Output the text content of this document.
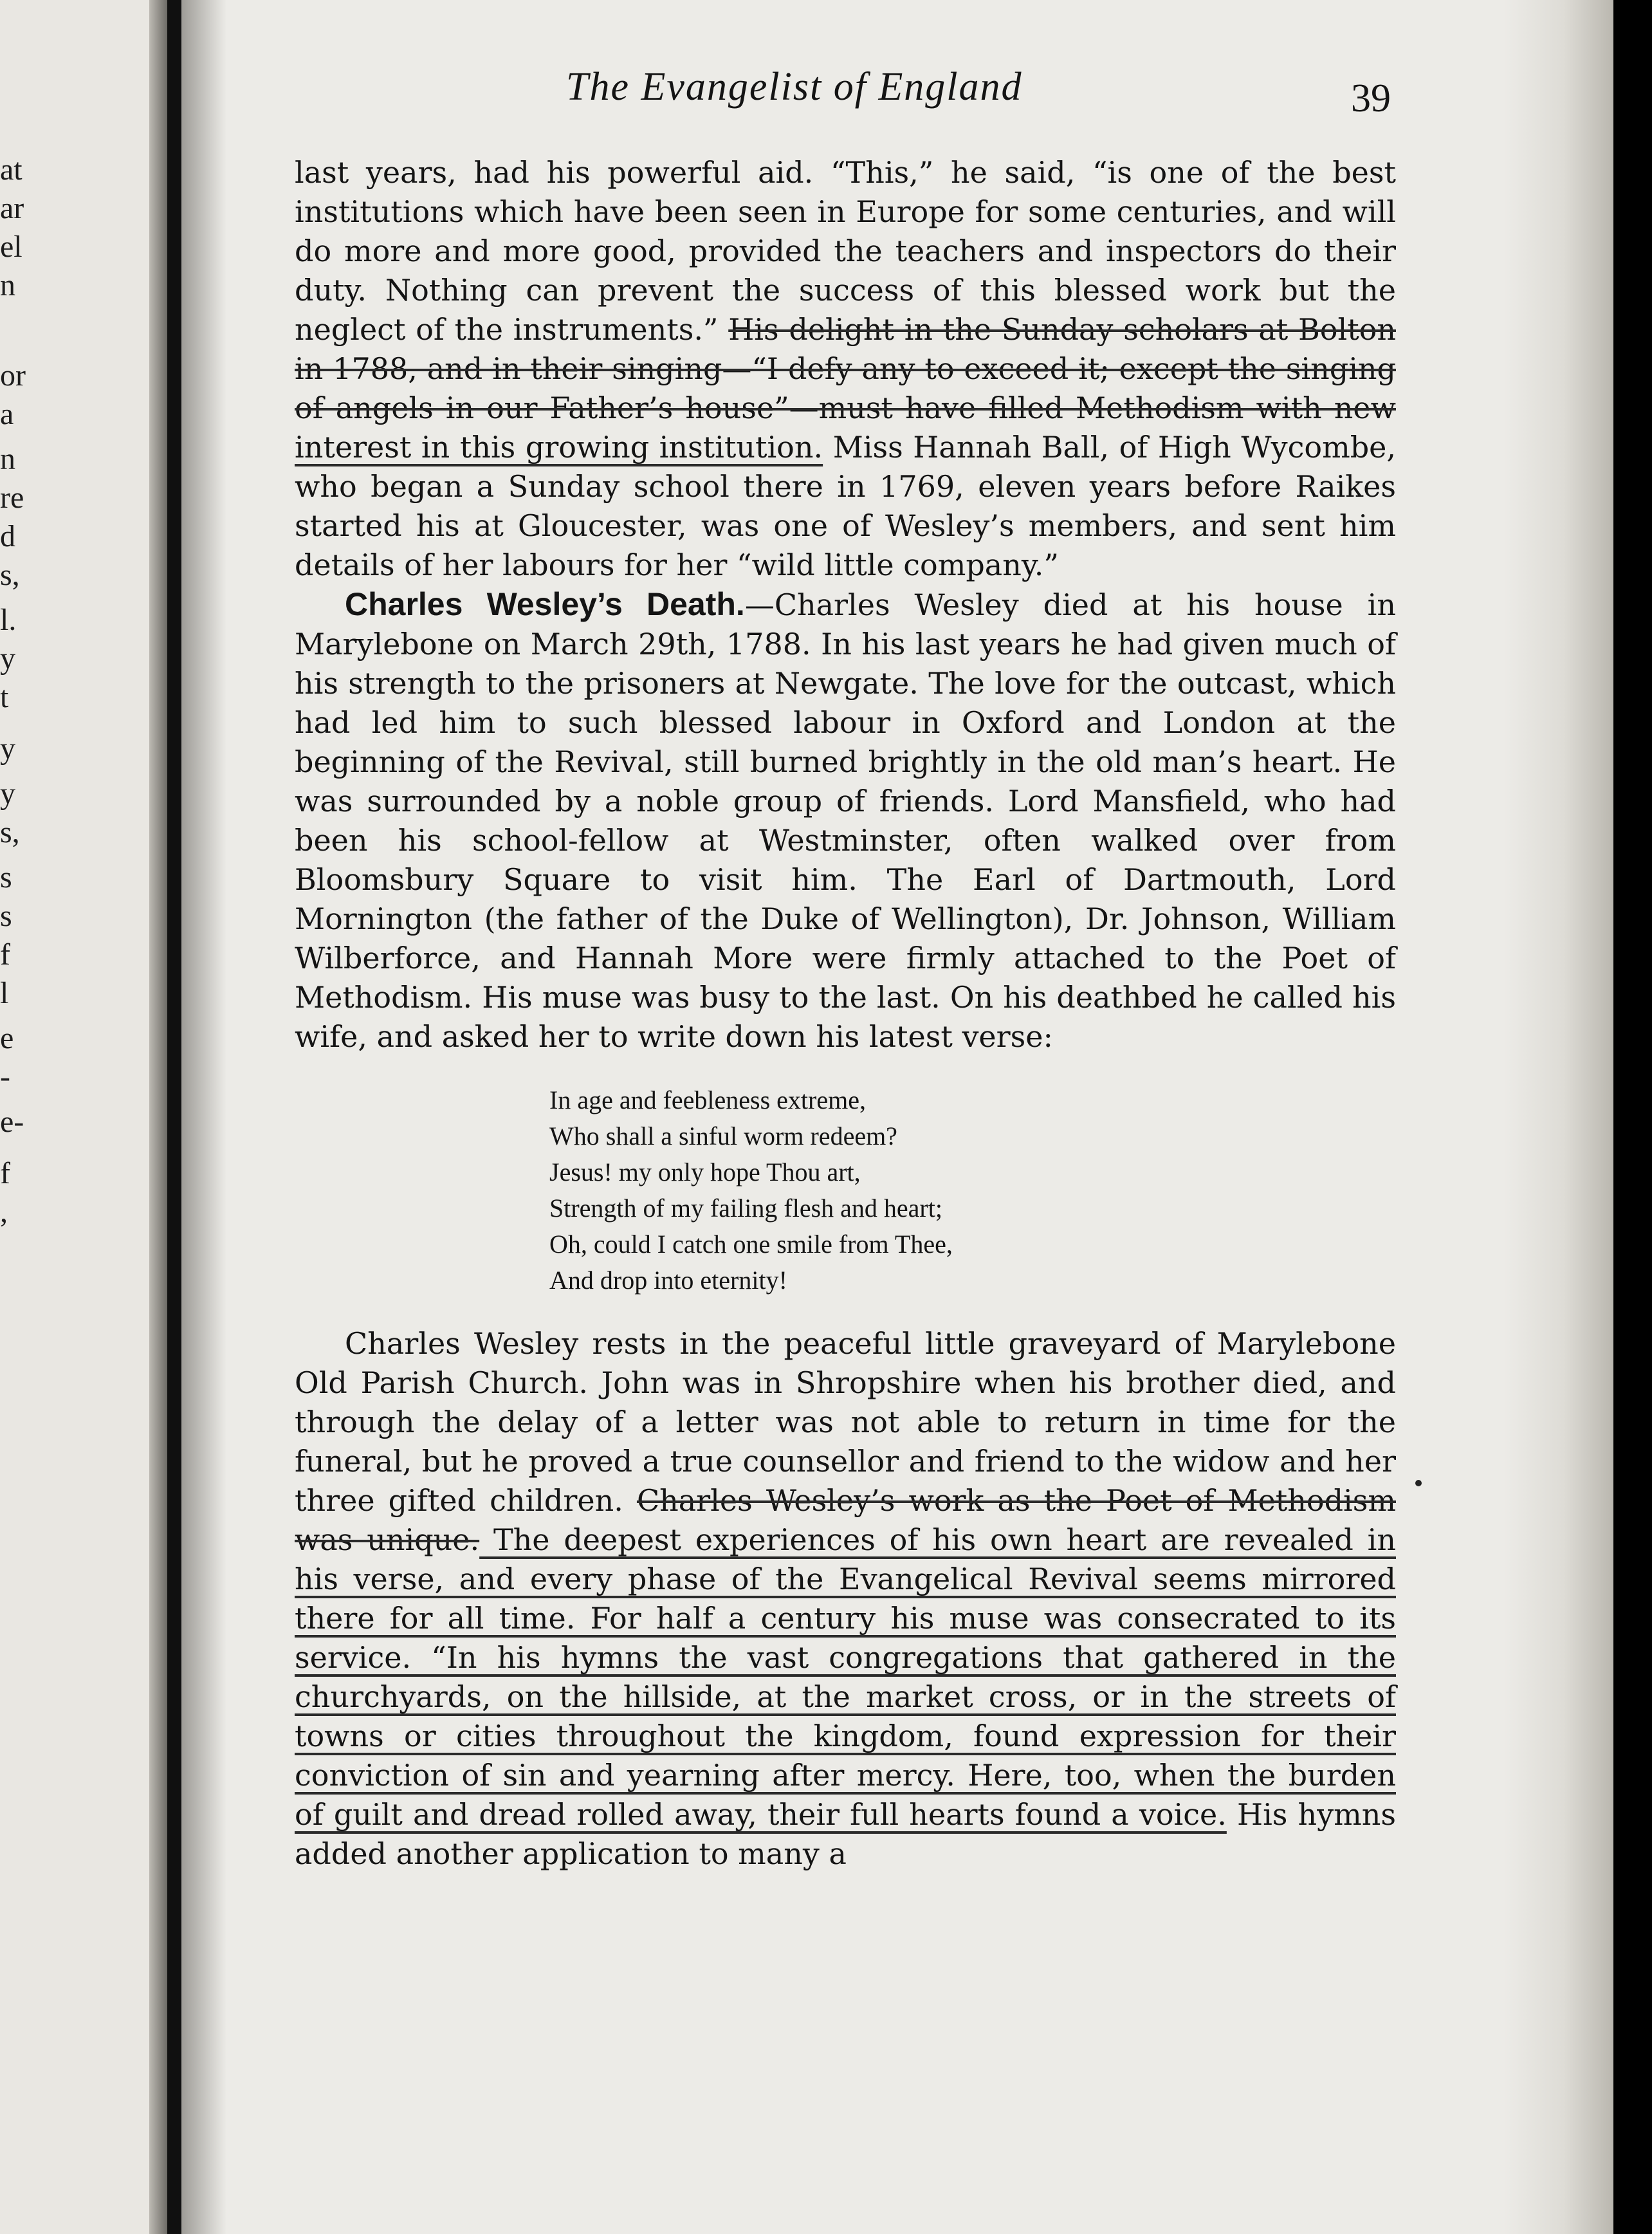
at
ar
el
n
or
a
n
re
d
s,
l.
y
t
y
y
s,
s
s
f
l
e
-
e-
f
,
The Evangelist of England	39

last years, had his powerful aid. “This,” he said, “is one of the best institutions which have been seen in Europe for some centuries, and will do more and more good, provided the teachers and inspectors do their duty. Nothing can prevent the success of this blessed work but the neglect of the instruments.” His delight in the Sunday scholars at Bolton in 1788, and in their singing—“I defy any to exceed it; except the singing of angels in our Father’s house”—must have filled Methodism with new interest in this growing institution. Miss Hannah Ball, of High Wycombe, who began a Sunday school there in 1769, eleven years before Raikes started his at Gloucester, was one of Wesley’s members, and sent him details of her labours for her “wild little company.”

Charles Wesley’s Death.—Charles Wesley died at his house in Marylebone on March 29th, 1788. In his last years he had given much of his strength to the prisoners at Newgate. The love for the outcast, which had led him to such blessed labour in Oxford and London at the beginning of the Revival, still burned brightly in the old man’s heart. He was surrounded by a noble group of friends. Lord Mansfield, who had been his school-fellow at Westminster, often walked over from Bloomsbury Square to visit him. The Earl of Dartmouth, Lord Mornington (the father of the Duke of Wellington), Dr. Johnson, William Wilberforce, and Hannah More were firmly attached to the Poet of Methodism. His muse was busy to the last. On his deathbed he called his wife, and asked her to write down his latest verse:

In age and feebleness extreme,
Who shall a sinful worm redeem?
Jesus! my only hope Thou art,
Strength of my failing flesh and heart;
Oh, could I catch one smile from Thee,
And drop into eternity!

Charles Wesley rests in the peaceful little graveyard of Marylebone Old Parish Church. John was in Shropshire when his brother died, and through the delay of a letter was not able to return in time for the funeral, but he proved a true counsellor and friend to the widow and her three gifted children. Charles Wesley’s work as the Poet of Methodism was unique. The deepest experiences of his own heart are revealed in his verse, and every phase of the Evangelical Revival seems mirrored there for all time. For half a century his muse was consecrated to its service. “In his hymns the vast congregations that gathered in the churchyards, on the hillside, at the market cross, or in the streets of towns or cities throughout the kingdom, found expression for their conviction of sin and yearning after mercy. Here, too, when the burden of guilt and dread rolled away, their full hearts found a voice. His hymns added another application to many a
